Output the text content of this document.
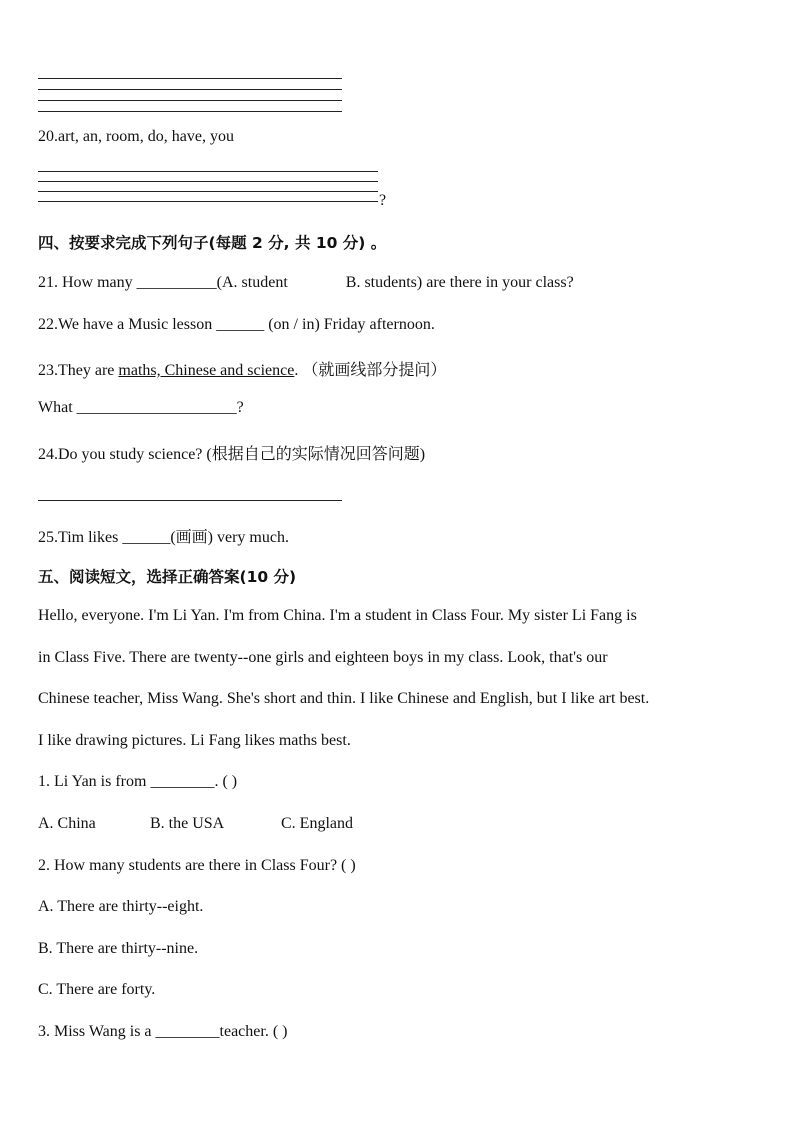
20.art, an, room, do, have, you
?
四、按要求完成下列句子(每题 2 分, 共 10 分) 。
21. How many __________(A. student	B. students) are there in your class?
22.We have a Music lesson ______ (on / in) Friday afternoon.
23.They are maths, Chinese and science. （就画线部分提问）
What ____________________?
24.Do you study science? (根据自己的实际情况回答问题)
25.Tim likes ______(画画) very much.
五、阅读短文，选择正确答案(10 分)
Hello, everyone. I'm Li Yan. I'm from China. I'm a student in Class Four. My sister Li Fang is
in Class Five. There are twenty--one girls and eighteen boys in my class. Look, that's our
Chinese teacher, Miss Wang. She's short and thin. I like Chinese and English, but I like art best.
I like drawing pictures. Li Fang likes maths best.
1. Li Yan is from ________. ( )
A. China	B. the USA	C. England
2. How many students are there in Class Four? ( )
A. There are thirty--eight.
B. There are thirty--nine.
C. There are forty.
3. Miss Wang is a ________teacher. ( )
